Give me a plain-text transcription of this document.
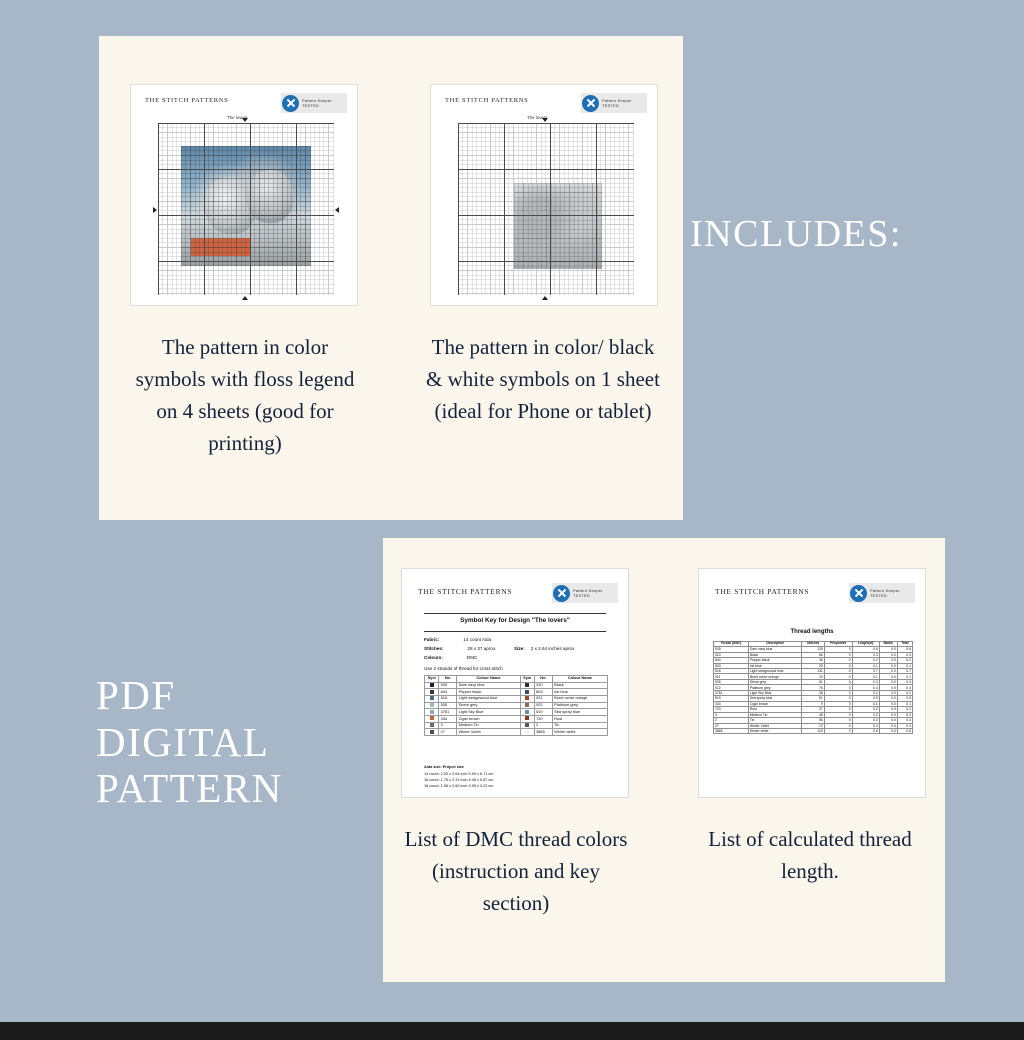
THE STITCH PATTERNS	Pattern Keeper
TESTED
The lovers
THE STITCH PATTERNS	Pattern Keeper
TESTED
The lovers
The pattern in color symbols with floss legend on 4 sheets (good for printing)
The pattern in color/ black & white symbols on 1 sheet (ideal for Phone or tablet)
INCLUDES:
THE STITCH PATTERNS	Pattern Keeper
TESTED
Symbol Key for Design "The lovers"
Fabric:	14 count Aida
Stitches:	28 x 37 aprox.	Size: 2 x 2.64 inches aprox
Colours:	DMC
Use 2 strands of thread for cross stitch
Sym	No.	Colour Name	Sym	No.	Colour Name
	939	Dark navy blue		310	Black
	844	Pepper black		803	Ink blue
	518	Light wedgewood blue		921	Burnt ochre orange
	535	Stone grey		922	Platinum grey
	3761	Light Sky Blue		519	Sea spray blue
	434	Cigar brown		720	Rust
	3	Medium Tin		2	Tin
	27	Winter Violet		3865	Winter white
Aida size: Project size
14 count: 2.00 x 2.64 inch 5.90 x 6.71 cm
16 count: 1.75 x 2.31 inch 4.45 x 5.87 cm
18 count: 1.56 x 2.60 inch 3.95 x 3.22 cm
THE STITCH PATTERNS	Pattern Keeper
TESTED
Thread lengths
Thread (DMC)	Description	Stitches	Pespuntes	Length(m)	Backs	Total
939	Dark navy blue	125	0	0.6	0.0	0.6
310	Black	66	0	0.3	0.0	0.3
844	Pepper black	46	0	0.2	0.0	0.2
803	Ink blue	29	0	0.1	0.0	0.1
518	Light wedgewood blue	131	0	0.7	0.0	0.7
921	Burnt ochre orange	19	0	0.1	0.0	0.1
535	Stone grey	51	0	0.3	0.0	0.3
922	Platinum grey	76	0	0.4	0.0	0.4
3761	Light Sky Blue	38	0	0.2	0.0	0.2
519	Sea spray blue	91	0	0.5	0.0	0.5
434	Cigar brown	9	0	0.1	0.0	0.1
720	Rust	37	0	0.2	0.0	0.2
3	Medium Tin	48	0	0.2	0.0	0.2
2	Tin	56	0	0.3	0.0	0.3
27	Winter Violet	72	0	0.4	0.0	0.4
3865	Winter white	110	0	0.6	0.0	0.6
List of DMC thread colors (instruction and key section)
List of calculated thread length.
PDF
DIGITAL
PATTERN
